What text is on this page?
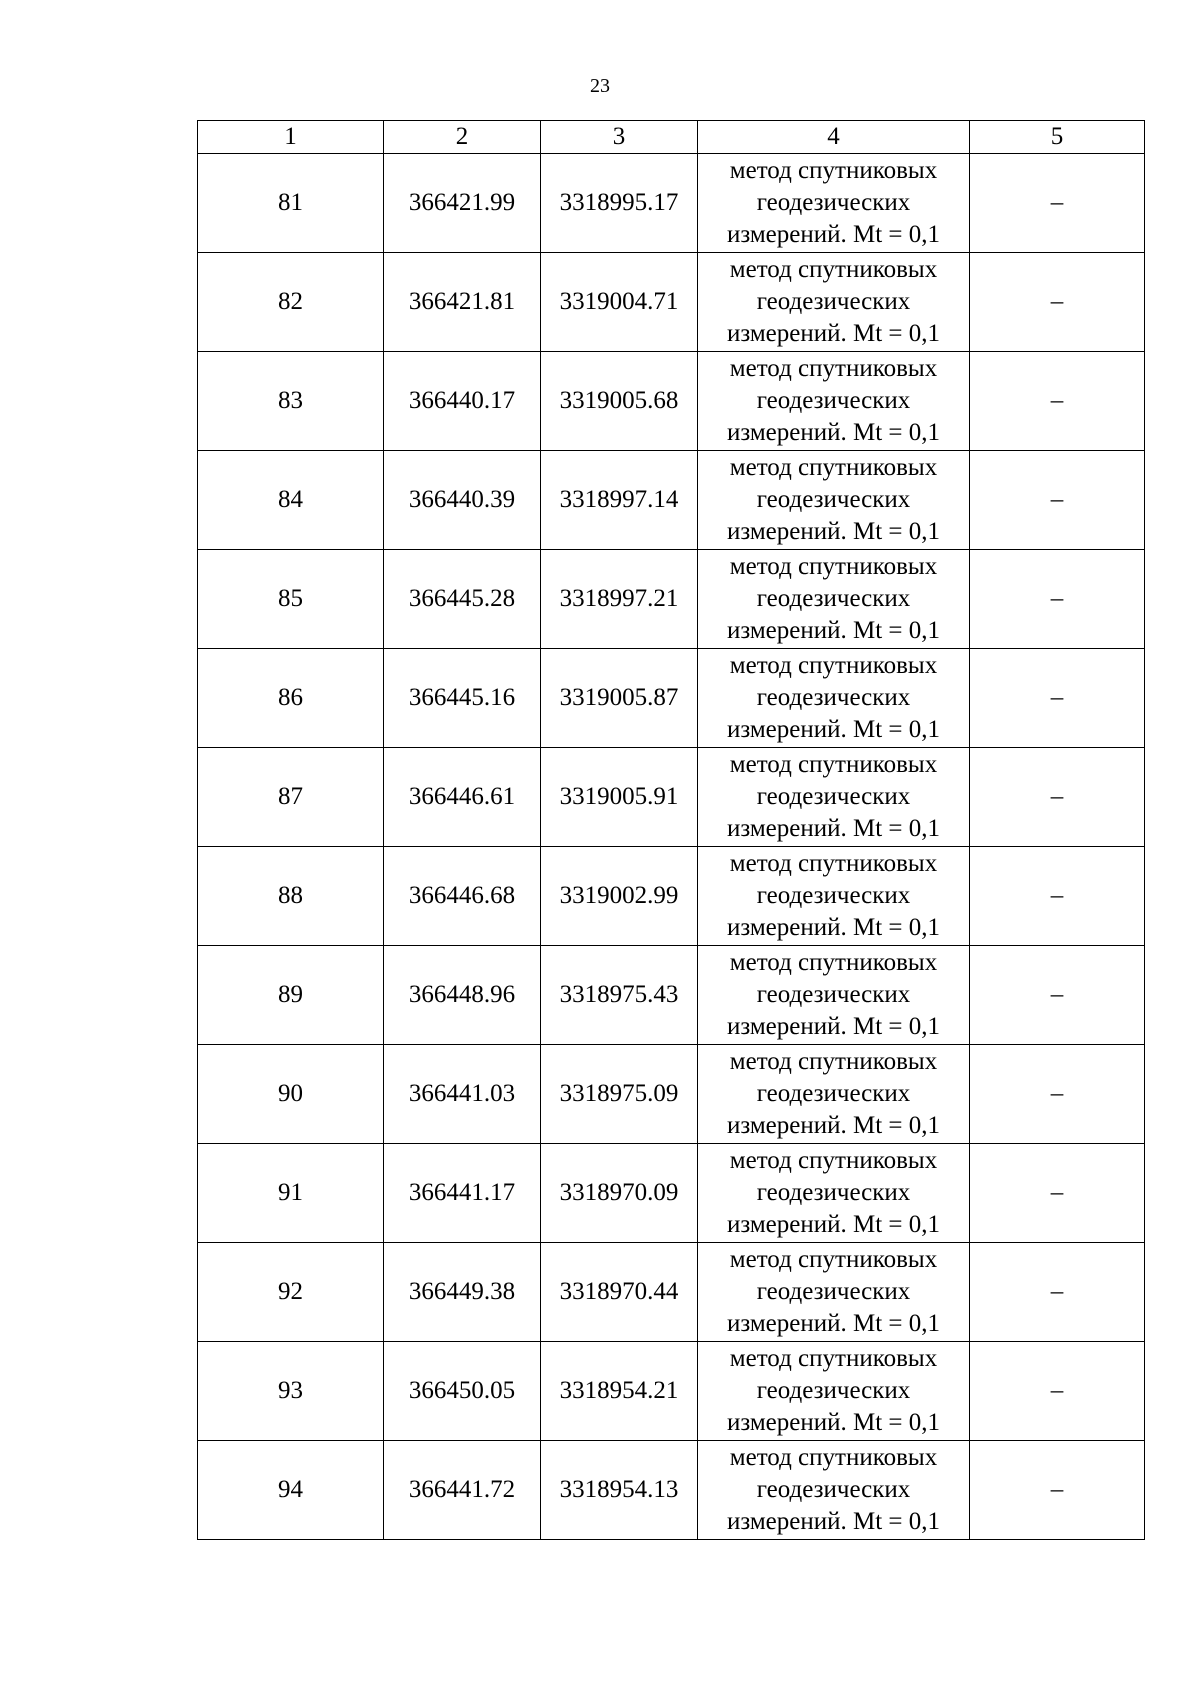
23
1	2	3	4	5
81	366421.99	3318995.17	метод спутниковых
геодезических
измерений. Mt = 0,1	–
82	366421.81	3319004.71	метод спутниковых
геодезических
измерений. Mt = 0,1	–
83	366440.17	3319005.68	метод спутниковых
геодезических
измерений. Mt = 0,1	–
84	366440.39	3318997.14	метод спутниковых
геодезических
измерений. Mt = 0,1	–
85	366445.28	3318997.21	метод спутниковых
геодезических
измерений. Mt = 0,1	–
86	366445.16	3319005.87	метод спутниковых
геодезических
измерений. Mt = 0,1	–
87	366446.61	3319005.91	метод спутниковых
геодезических
измерений. Mt = 0,1	–
88	366446.68	3319002.99	метод спутниковых
геодезических
измерений. Mt = 0,1	–
89	366448.96	3318975.43	метод спутниковых
геодезических
измерений. Mt = 0,1	–
90	366441.03	3318975.09	метод спутниковых
геодезических
измерений. Mt = 0,1	–
91	366441.17	3318970.09	метод спутниковых
геодезических
измерений. Mt = 0,1	–
92	366449.38	3318970.44	метод спутниковых
геодезических
измерений. Mt = 0,1	–
93	366450.05	3318954.21	метод спутниковых
геодезических
измерений. Mt = 0,1	–
94	366441.72	3318954.13	метод спутниковых
геодезических
измерений. Mt = 0,1	–
